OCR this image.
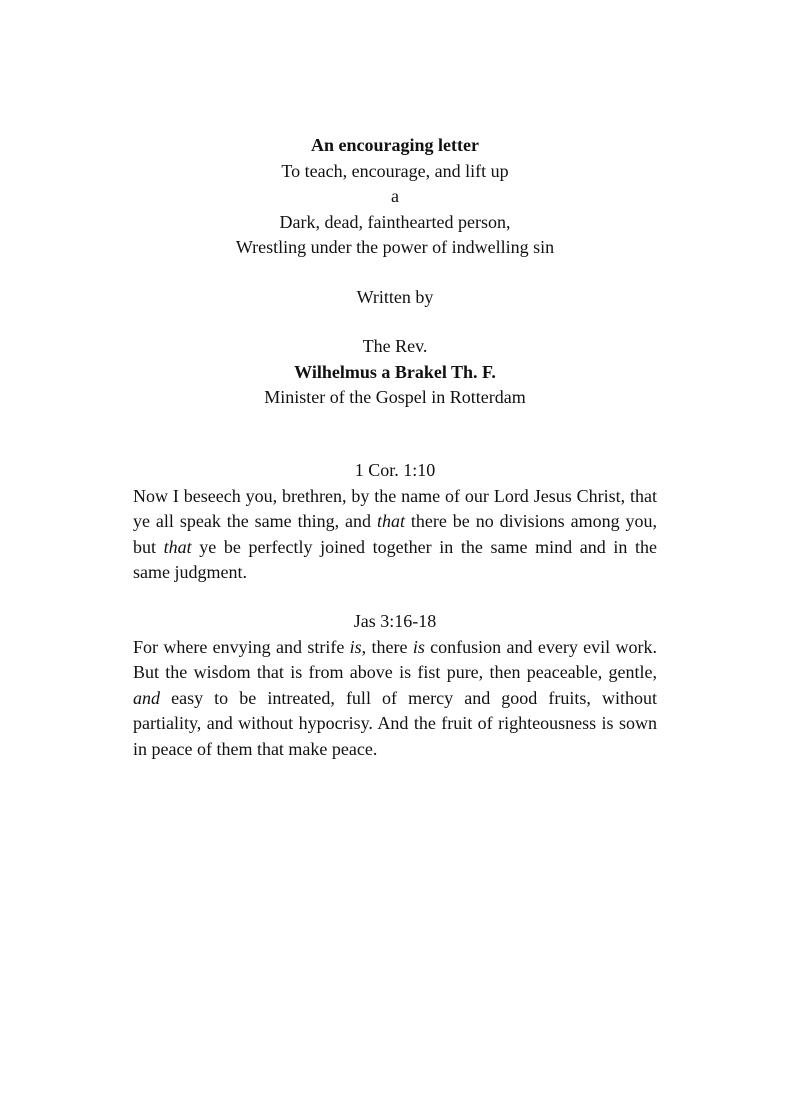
An encouraging letter
To teach, encourage, and lift up
a
Dark, dead, fainthearted person,
Wrestling under the power of indwelling sin
Written by
The Rev.
Wilhelmus a Brakel Th. F.
Minister of the Gospel in Rotterdam
1 Cor. 1:10
Now I beseech you, brethren, by the name of our Lord Jesus Christ, that ye all speak the same thing, and that there be no divisions among you, but that ye be perfectly joined together in the same mind and in the same judgment.
Jas 3:16-18
For where envying and strife is, there is confusion and every evil work. But the wisdom that is from above is fist pure, then peaceable, gentle, and easy to be intreated, full of mercy and good fruits, without partiality, and without hypocrisy. And the fruit of righteousness is sown in peace of them that make peace.
